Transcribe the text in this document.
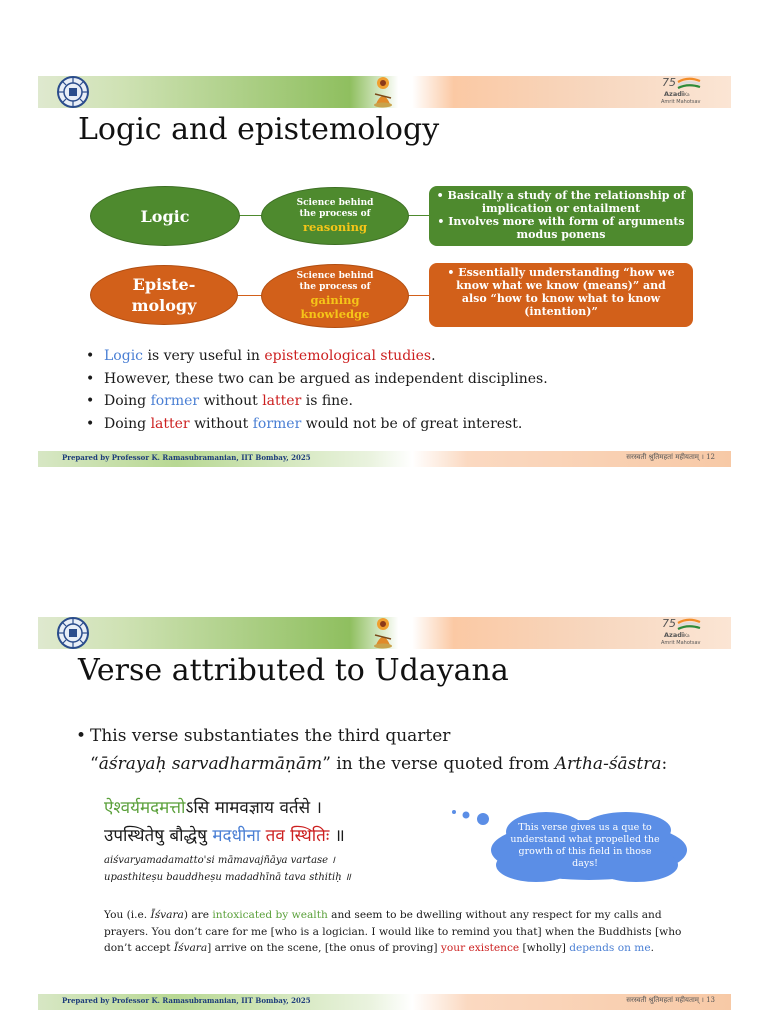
75
Azadi Ka
Amrit Mahotsav
Logic and epistemology
Logic
Science behind the process of
reasoning
• Basically a study of the relationship of implication or entailment
• Involves more with form of arguments modus ponens
Episte-mology
Science behind the process of
gaining knowledge
• Essentially understanding “how we know what we know (means)” and also “how to know what to know (intention)”
• Logic is very useful in epistemological studies.
• However, these two can be argued as independent disciplines.
• Doing former without latter is fine.
• Doing latter without former would not be of great interest.
Prepared by Professor K. Ramasubramanian, IIT Bombay, 2025	सरस्वती श्रुतिमहतां महीयताम् । 12
75
Azadi Ka
Amrit Mahotsav
Verse attributed to Udayana
• This verse substantiates the third quarter
“āśrayaḥ sarvadharmāṇām” in the verse quoted from Artha-śāstra:
ऐश्वर्यमदमत्तोऽसि मामवज्ञाय वर्तसे ।
उपस्थितेषु बौद्धेषु मदधीना तव स्थितिः ॥
aiśvaryamadamatto'si māmavajñāya vartase ।
upasthiteṣu bauddheṣu madadhīnā tava sthitiḥ ॥
This verse gives us a que to understand what propelled the growth of this field in those days!
You (i.e. Īśvara) are intoxicated by wealth and seem to be dwelling without any respect for my calls and prayers. You don’t care for me [who is a logician. I would like to remind you that] when the Buddhists [who don’t accept Īśvara] arrive on the scene, [the onus of proving] your existence [wholly] depends on me.
Prepared by Professor K. Ramasubramanian, IIT Bombay, 2025	सरस्वती श्रुतिमहतां महीयताम् । 13
